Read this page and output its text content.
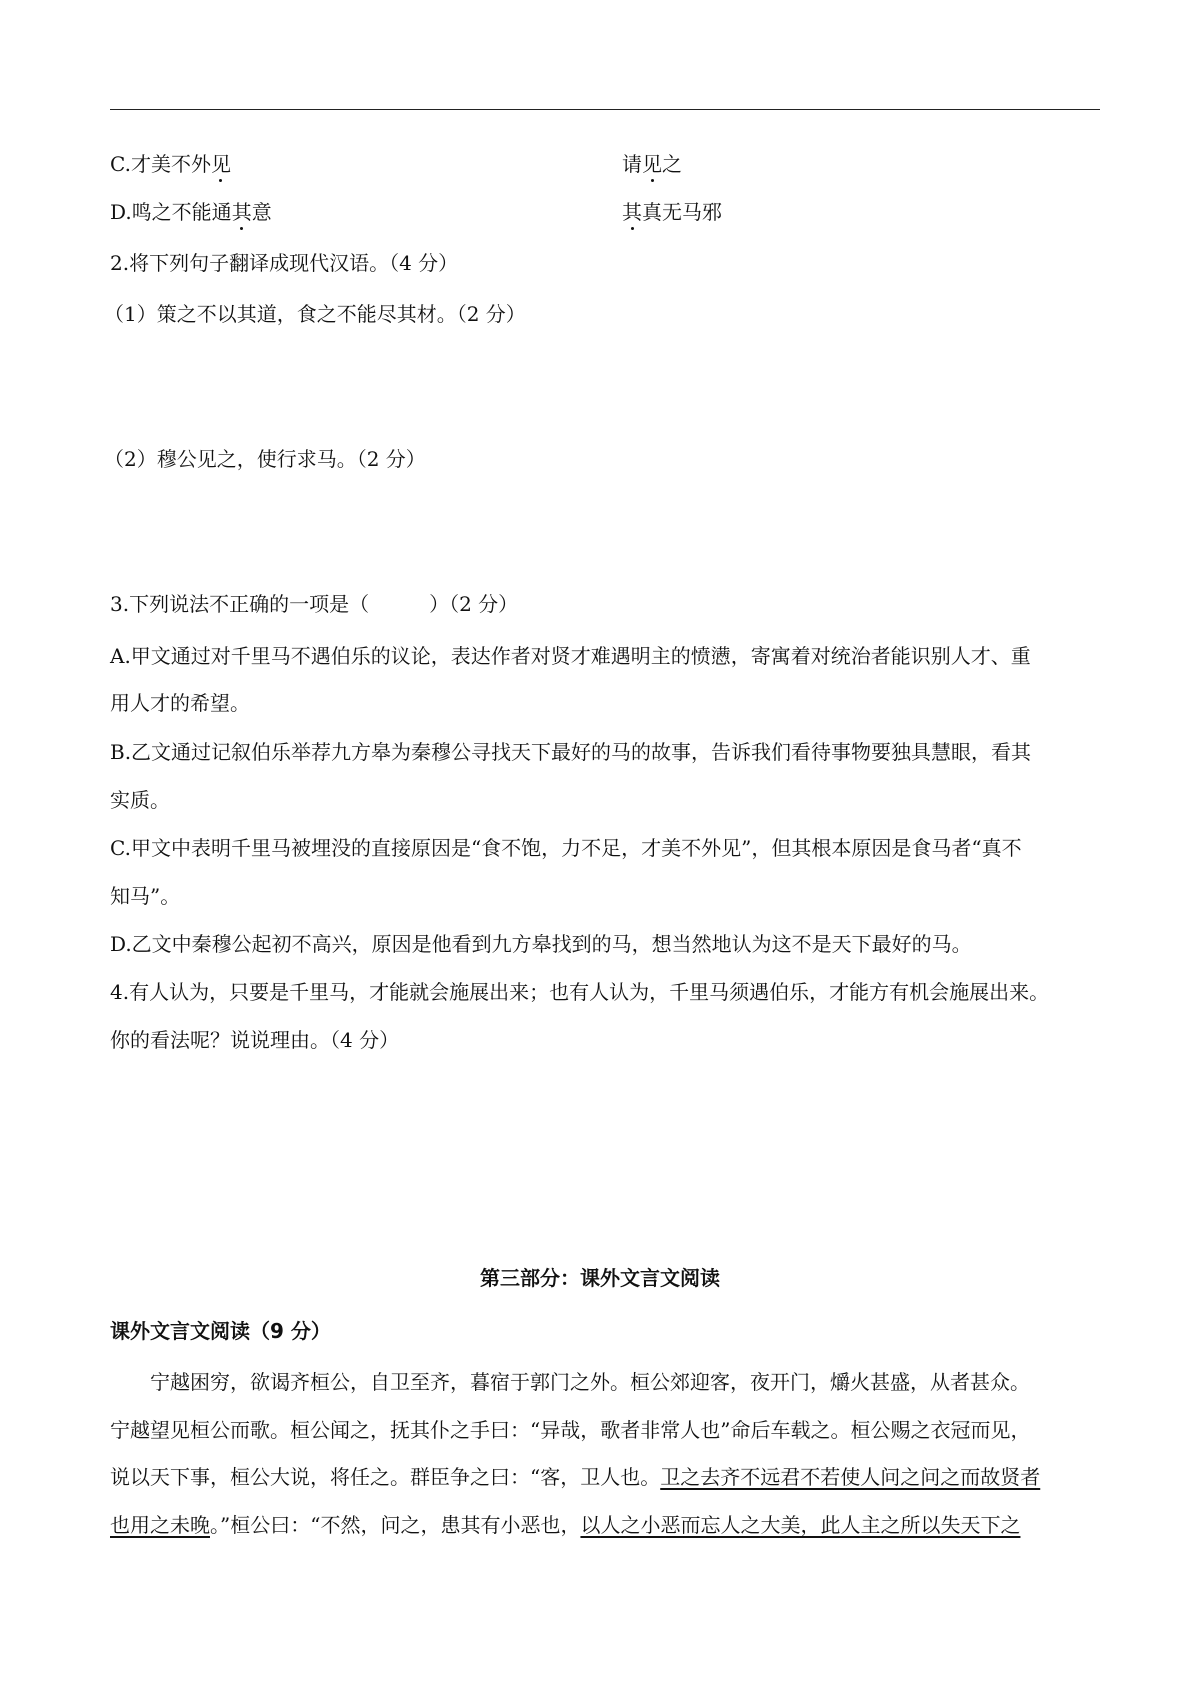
C.才美不外见	请见之
D.鸣之不能通其意	其真无马邪
2.将下列句子翻译成现代汉语。（4 分）
（1）策之不以其道，食之不能尽其材。（2 分）
（2）穆公见之，使行求马。（2 分）
3.下列说法不正确的一项是（　　　）（2 分）
A.甲文通过对千里马不遇伯乐的议论，表达作者对贤才难遇明主的愤懑，寄寓着对统治者能识别人才、重
用人才的希望。
B.乙文通过记叙伯乐举荐九方皋为秦穆公寻找天下最好的马的故事，告诉我们看待事物要独具慧眼，看其
实质。
C.甲文中表明千里马被埋没的直接原因是“食不饱，力不足，才美不外见”，但其根本原因是食马者“真不
知马”。
D.乙文中秦穆公起初不高兴，原因是他看到九方皋找到的马，想当然地认为这不是天下最好的马。
4.有人认为，只要是千里马，才能就会施展出来；也有人认为，千里马须遇伯乐，才能方有机会施展出来。
你的看法呢？说说理由。（4 分）
第三部分：课外文言文阅读
课外文言文阅读（9 分）
　　宁越困穷，欲谒齐桓公，自卫至齐，暮宿于郭门之外。桓公郊迎客，夜开门，爝火甚盛，从者甚众。
宁越望见桓公而歌。桓公闻之，抚其仆之手曰：“异哉，歌者非常人也”命后车载之。桓公赐之衣冠而见，
说以天下事，桓公大说，将任之。群臣争之曰：“客，卫人也。卫之去齐不远君不若使人问之问之而故贤者
也用之未晚。”桓公曰：“不然，问之，患其有小恶也，以人之小恶而忘人之大美，此人主之所以失天下之
